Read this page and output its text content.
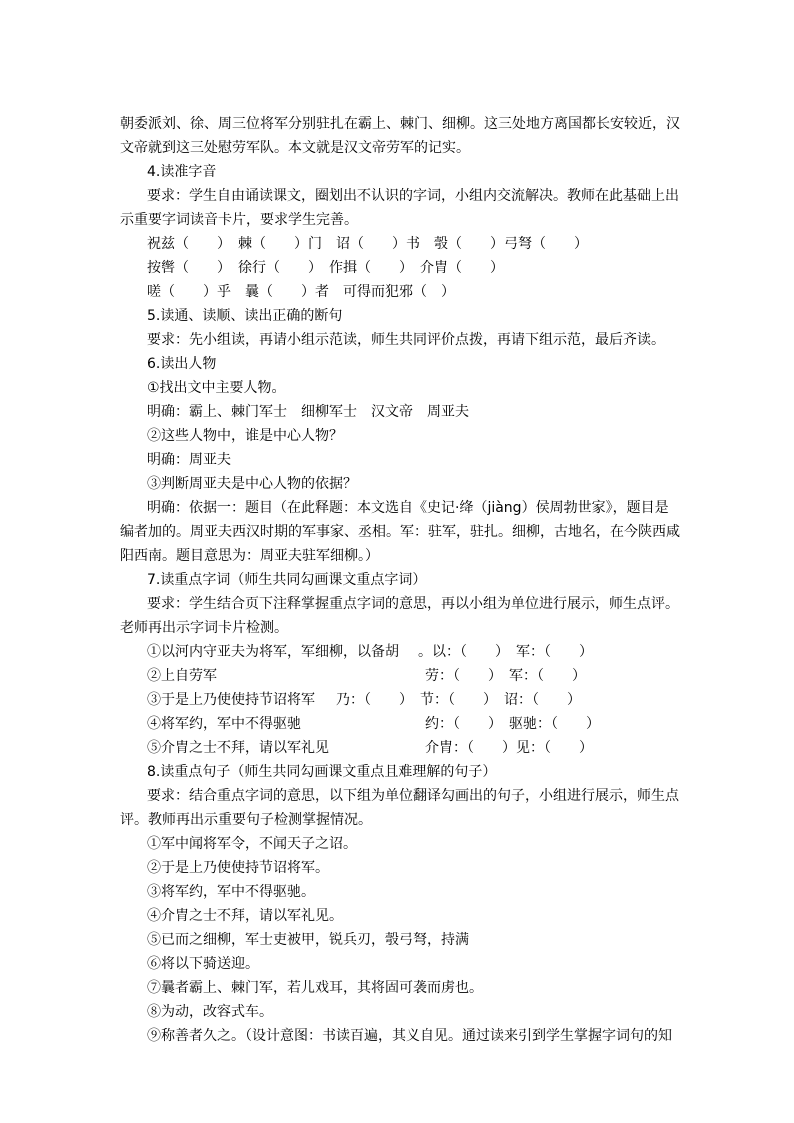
朝委派刘、徐、周三位将军分别驻扎在霸上、棘门、细柳。这三处地方离国都长安较近，汉
文帝就到这三处慰劳军队。本文就是汉文帝劳军的记实。
4.读准字音
要求：学生自由诵读课文，圈划出不认识的字词，小组内交流解决。教师在此基础上出
示重要字词读音卡片，要求学生完善。
祝兹（　　）　棘（　　）门　诏（　　）书　彀（　　）弓弩（　　）
按辔（　　）　徐行（　　）　作揖（　　）　介胄（　　）
嗟（　　）乎　曩（　　）者　可得而犯邪（　）
5.读通、读顺、读出正确的断句
要求：先小组读，再请小组示范读，师生共同评价点拨，再请下组示范，最后齐读。
6.读出人物
①找出文中主要人物。
明确：霸上、棘门军士　细柳军士　汉文帝　周亚夫
②这些人物中，谁是中心人物？
明确：周亚夫
③判断周亚夫是中心人物的依据？
明确：依据一：题目（在此释题：本文选自《史记·绛（jiàng）侯周勃世家》，题目是
编者加的。周亚夫西汉时期的军事家、丞相。军：驻军，驻扎。细柳，古地名，在今陕西咸
阳西南。题目意思为：周亚夫驻军细柳。）
7.读重点字词（师生共同勾画课文重点字词）
要求：学生结合页下注释掌握重点字词的意思，再以小组为单位进行展示，师生点评。
老师再出示字词卡片检测。
①以河内守亚夫为将军，军细柳，以备胡 。以：（　　）　军：（　　）
②上自劳军	劳：（　　）　军：（　　）
③于是上乃使使持节诏将军 乃：（　　）　节：（　　）　诏：（　　）
④将军约，军中不得驱驰	约：（　　）　驱驰：（　　）
⑤介胄之士不拜，请以军礼见	介胄：（　　）见：（　　）
8.读重点句子（师生共同勾画课文重点且难理解的句子）
要求：结合重点字词的意思，以下组为单位翻译勾画出的句子，小组进行展示，师生点
评。教师再出示重要句子检测掌握情况。
①军中闻将军令，不闻天子之诏。
②于是上乃使使持节诏将军。
③将军约，军中不得驱驰。
④介胄之士不拜，请以军礼见。
⑤已而之细柳，军士吏被甲，锐兵刃，彀弓弩，持满
⑥将以下骑送迎。
⑦曩者霸上、棘门军，若儿戏耳，其将固可袭而虏也。
⑧为动，改容式车。
⑨称善者久之。（设计意图：书读百遍，其义自见。通过读来引到学生掌握字词句的知
